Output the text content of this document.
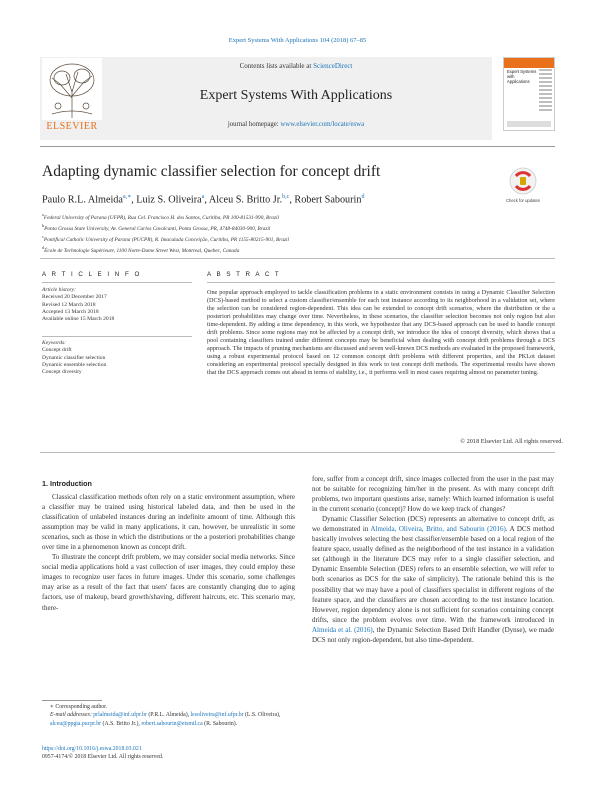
Expert Systems With Applications 104 (2018) 67–85
Contents lists available at ScienceDirect
Expert Systems With Applications
journal homepage: www.elsevier.com/locate/eswa
ELSEVIER
Expert Systems with Applications
Adapting dynamic classifier selection for concept drift
Check for updates
Paulo R.L. Almeida$^{a,∗}$, Luiz S. Oliveira$^a$, Alceu S. Britto Jr.$^{b,c}$, Robert Sabourin$^d$
$^a$Federal University of Parana (UFPR), Rua Cel. Francisco H. dos Santos, Curitiba, PR 100-81531-990, Brazil
$^b$Ponta Grossa State University, Av. General Carlos Cavalcanti, Ponta Grossa, PR, 4748-84030-900, Brazil
$^c$Pontifical Catholic University of Parana (PUCPR), R. Imaculada Conceição, Curitiba, PR 1155-80215-901, Brazil
$^d$École de Technologie Supérieure, 1100 Notre-Dame Street West, Montreal, Quebec, Canada
A R T I C L E I N F O
Article history:
Received 20 December 2017
Revised 12 March 2018
Accepted 13 March 2018
Available online 15 March 2018
Keywords:
Concept drift
Dynamic classifier selection
Dynamic ensemble selection
Concept diversity
A B S T R A C T
One popular approach employed to tackle classification problems in a static environment consists in using a Dynamic Classifier Selection (DCS)-based method to select a custom classifier/ensemble for each test instance according to its neighborhood in a validation set, where the selection can be considered region-dependent. This idea can be extended to concept drift scenarios, where the distribution or the a posteriori probabilities may change over time. Nevertheless, in these scenarios, the classifier selection becomes not only region but also time-dependent. By adding a time dependency, in this work, we hypothesize that any DCS-based approach can be used to handle concept drift problems. Since some regions may not be affected by a concept drift, we introduce the idea of concept diversity, which shows that a pool containing classifiers trained under different concepts may be beneficial when dealing with concept drift problems through a DCS approach. The impacts of pruning mechanisms are discussed and seven well-known DCS methods are evaluated in the proposed framework, using a robust experimental protocol based on 12 common concept drift problems with different properties, and the PKLot dataset considering an experimental protocol specially designed in this work to test concept drift methods. The experimental results have shown that the DCS approach comes out ahead in terms of stability, i.e., it performs well in most cases requiring almost no parameter tuning.
© 2018 Elsevier Ltd. All rights reserved.
1. Introduction

Classical classification methods often rely on a static environment assumption, where a classifier may be trained using historical labeled data, and then be used in the classification of unlabeled instances during an indefinite amount of time. Although this assumption may be valid in many applications, it can, however, be unrealistic in some scenarios, such as those in which the distributions or the a posteriori probabilities change over time in a phenomenon known as concept drift.

To illustrate the concept drift problem, we may consider social media networks. Since social media applications hold a vast collection of user images, they could employ these images to recognize user faces in future images. Under this scenario, some challenges may arise as a result of the fact that users' faces are constantly changing due to aging factors, use of makeup, beard growth/shaving, different haircuts, etc. This scenario may, there-

fore, suffer from a concept drift, since images collected from the user in the past may not be suitable for recognizing him/her in the present. As with many concept drift problems, two important questions arise, namely: Which learned information is useful in the current scenario (concept)? How do we keep track of changes?

Dynamic Classifier Selection (DCS) represents an alternative to concept drift, as we demonstrated in Almeida, Oliveira, Britto, and Sabourin (2016). A DCS method basically involves selecting the best classifier/ensemble based on a local region of the feature space, usually defined as the neighborhood of the test instance in a validation set (although in the literature DCS may refer to a single classifier selection, and Dynamic Ensemble Selection (DES) refers to an ensemble selection, we will refer to both scenarios as DCS for the sake of simplicity). The rationale behind this is the possibility that we may have a pool of classifiers specialist in different regions of the feature space, and the classifiers are chosen according to the test instance location. However, region dependency alone is not sufficient for scenarios containing concept drifts, since the problem evolves over time. With the framework introduced in Almeida et al. (2016), the Dynamic Selection Based Drift Handler (Dynse), we made DCS not only region-dependent, but also time-dependent.

∗ Corresponding author.
E-mail addresses: prlalmeida@inf.ufpr.br (P.R.L. Almeida), lesoliveira@inf.ufpr.br (L.S. Oliveira), alceu@ppgia.pucpr.br (A.S. Britto Jr.), robert.sabourin@etsmtl.ca (R. Sabourin).
https://doi.org/10.1016/j.eswa.2018.03.021
0957-4174/© 2018 Elsevier Ltd. All rights reserved.
